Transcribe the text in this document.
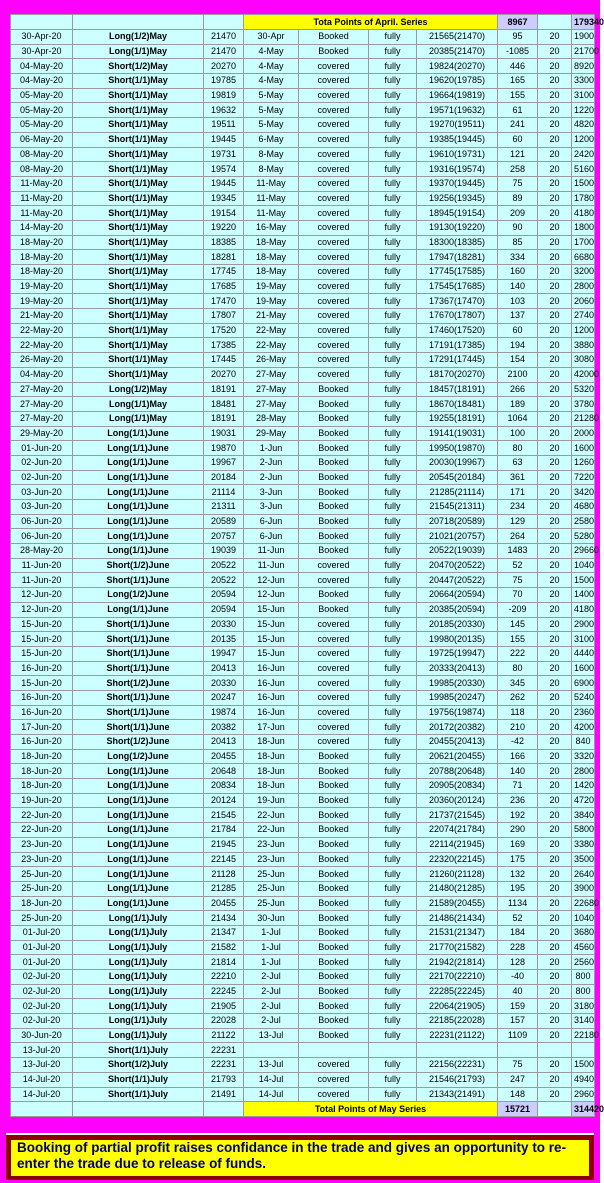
			Tota Points of April. Series				8967		179340
30-Apr-20	Long(1/2)May	21470	30-Apr	Booked	fully	21565(21470)	95	20	1900
30-Apr-20	Long(1/1)May	21470	4-May	Booked	fully	20385(21470)	-1085	20	21700
04-May-20	Short(1/2)May	20270	4-May	covered	fully	19824(20270)	446	20	8920
04-May-20	Short(1/1)May	19785	4-May	covered	fully	19620(19785)	165	20	3300
05-May-20	Short(1/1)May	19819	5-May	covered	fully	19664(19819)	155	20	3100
05-May-20	Short(1/1)May	19632	5-May	covered	fully	19571(19632)	61	20	1220
05-May-20	Short(1/1)May	19511	5-May	covered	fully	19270(19511)	241	20	4820
06-May-20	Short(1/1)May	19445	6-May	covered	fully	19385(19445)	60	20	1200
08-May-20	Short(1/1)May	19731	8-May	covered	fully	19610(19731)	121	20	2420
08-May-20	Short(1/1)May	19574	8-May	covered	fully	19316(19574)	258	20	5160
11-May-20	Short(1/1)May	19445	11-May	covered	fully	19370(19445)	75	20	1500
11-May-20	Short(1/1)May	19345	11-May	covered	fully	19256(19345)	89	20	1780
11-May-20	Short(1/1)May	19154	11-May	covered	fully	18945(19154)	209	20	4180
14-May-20	Short(1/1)May	19220	16-May	covered	fully	19130(19220)	90	20	1800
18-May-20	Short(1/1)May	18385	18-May	covered	fully	18300(18385)	85	20	1700
18-May-20	Short(1/1)May	18281	18-May	covered	fully	17947(18281)	334	20	6680
18-May-20	Short(1/1)May	17745	18-May	covered	fully	17745(17585)	160	20	3200
19-May-20	Short(1/1)May	17685	19-May	covered	fully	17545(17685)	140	20	2800
19-May-20	Short(1/1)May	17470	19-May	covered	fully	17367(17470)	103	20	2060
21-May-20	Short(1/1)May	17807	21-May	covered	fully	17670(17807)	137	20	2740
22-May-20	Short(1/1)May	17520	22-May	covered	fully	17460(17520)	60	20	1200
22-May-20	Short(1/1)May	17385	22-May	covered	fully	17191(17385)	194	20	3880
26-May-20	Short(1/1)May	17445	26-May	covered	fully	17291(17445)	154	20	3080
04-May-20	Short(1/1)May	20270	27-May	covered	fully	18170(20270)	2100	20	42000
27-May-20	Long(1/2)May	18191	27-May	Booked	fully	18457(18191)	266	20	5320
27-May-20	Long(1/1)May	18481	27-May	Booked	fully	18670(18481)	189	20	3780
27-May-20	Long(1/1)May	18191	28-May	Booked	fully	19255(18191)	1064	20	21280
29-May-20	Long(1/1)June	19031	29-May	Booked	fully	19141(19031)	100	20	2000
01-Jun-20	Long(1/1)June	19870	1-Jun	Booked	fully	19950(19870)	80	20	1600
02-Jun-20	Long(1/1)June	19967	2-Jun	Booked	fully	20030(19967)	63	20	1260
02-Jun-20	Long(1/1)June	20184	2-Jun	Booked	fully	20545(20184)	361	20	7220
03-Jun-20	Long(1/1)June	21114	3-Jun	Booked	fully	21285(21114)	171	20	3420
03-Jun-20	Long(1/1)June	21311	3-Jun	Booked	fully	21545(21311)	234	20	4680
06-Jun-20	Long(1/1)June	20589	6-Jun	Booked	fully	20718(20589)	129	20	2580
06-Jun-20	Long(1/1)June	20757	6-Jun	Booked	fully	21021(20757)	264	20	5280
28-May-20	Long(1/1)June	19039	11-Jun	Booked	fully	20522(19039)	1483	20	29660
11-Jun-20	Short(1/2)June	20522	11-Jun	covered	fully	20470(20522)	52	20	1040
11-Jun-20	Short(1/1)June	20522	12-Jun	covered	fully	20447(20522)	75	20	1500
12-Jun-20	Long(1/2)June	20594	12-Jun	Booked	fully	20664(20594)	70	20	1400
12-Jun-20	Long(1/1)June	20594	15-Jun	Booked	fully	20385(20594)	-209	20	4180
15-Jun-20	Short(1/1)June	20330	15-Jun	covered	fully	20185(20330)	145	20	2900
15-Jun-20	Short(1/1)June	20135	15-Jun	covered	fully	19980(20135)	155	20	3100
15-Jun-20	Short(1/1)June	19947	15-Jun	covered	fully	19725(19947)	222	20	4440
16-Jun-20	Short(1/1)June	20413	16-Jun	covered	fully	20333(20413)	80	20	1600
15-Jun-20	Short(1/2)June	20330	16-Jun	covered	fully	19985(20330)	345	20	6900
16-Jun-20	Short(1/1)June	20247	16-Jun	covered	fully	19985(20247)	262	20	5240
16-Jun-20	Short(1/1)June	19874	16-Jun	covered	fully	19756(19874)	118	20	2360
17-Jun-20	Short(1/1)June	20382	17-Jun	covered	fully	20172(20382)	210	20	4200
16-Jun-20	Short(1/2)June	20413	18-Jun	covered	fully	20455(20413)	-42	20	840
18-Jun-20	Long(1/2)June	20455	18-Jun	Booked	fully	20621(20455)	166	20	3320
18-Jun-20	Long(1/1)June	20648	18-Jun	Booked	fully	20788(20648)	140	20	2800
18-Jun-20	Long(1/1)June	20834	18-Jun	Booked	fully	20905(20834)	71	20	1420
19-Jun-20	Long(1/1)June	20124	19-Jun	Booked	fully	20360(20124)	236	20	4720
22-Jun-20	Long(1/1)June	21545	22-Jun	Booked	fully	21737(21545)	192	20	3840
22-Jun-20	Long(1/1)June	21784	22-Jun	Booked	fully	22074(21784)	290	20	5800
23-Jun-20	Long(1/1)June	21945	23-Jun	Booked	fully	22114(21945)	169	20	3380
23-Jun-20	Long(1/1)June	22145	23-Jun	Booked	fully	22320(22145)	175	20	3500
25-Jun-20	Long(1/1)June	21128	25-Jun	Booked	fully	21260(21128)	132	20	2640
25-Jun-20	Long(1/1)June	21285	25-Jun	Booked	fully	21480(21285)	195	20	3900
18-Jun-20	Long(1/1)June	20455	25-Jun	Booked	fully	21589(20455)	1134	20	22680
25-Jun-20	Long(1/1)July	21434	30-Jun	Booked	fully	21486(21434)	52	20	1040
01-Jul-20	Long(1/1)July	21347	1-Jul	Booked	fully	21531(21347)	184	20	3680
01-Jul-20	Long(1/1)July	21582	1-Jul	Booked	fully	21770(21582)	228	20	4560
01-Jul-20	Long(1/1)July	21814	1-Jul	Booked	fully	21942(21814)	128	20	2560
02-Jul-20	Long(1/1)July	22210	2-Jul	Booked	fully	22170(22210)	-40	20	800
02-Jul-20	Long(1/1)July	22245	2-Jul	Booked	fully	22285(22245)	40	20	800
02-Jul-20	Long(1/1)July	21905	2-Jul	Booked	fully	22064(21905)	159	20	3180
02-Jul-20	Long(1/1)July	22028	2-Jul	Booked	fully	22185(22028)	157	20	3140
30-Jun-20	Long(1/1)July	21122	13-Jul	Booked	fully	22231(21122)	1109	20	22180
13-Jul-20	Short(1/1)July	22231							
13-Jul-20	Short(1/2)July	22231	13-Jul	covered	fully	22156(22231)	75	20	1500
14-Jul-20	Short(1/1)July	21793	14-Jul	covered	fully	21546(21793)	247	20	4940
14-Jul-20	Short(1/1)July	21491	14-Jul	covered	fully	21343(21491)	148	20	2960
			Total Points of May Series				15721		314420
Booking of partial profit raises confidance in the trade and gives an opportunity to re-enter the trade due to release of funds.
